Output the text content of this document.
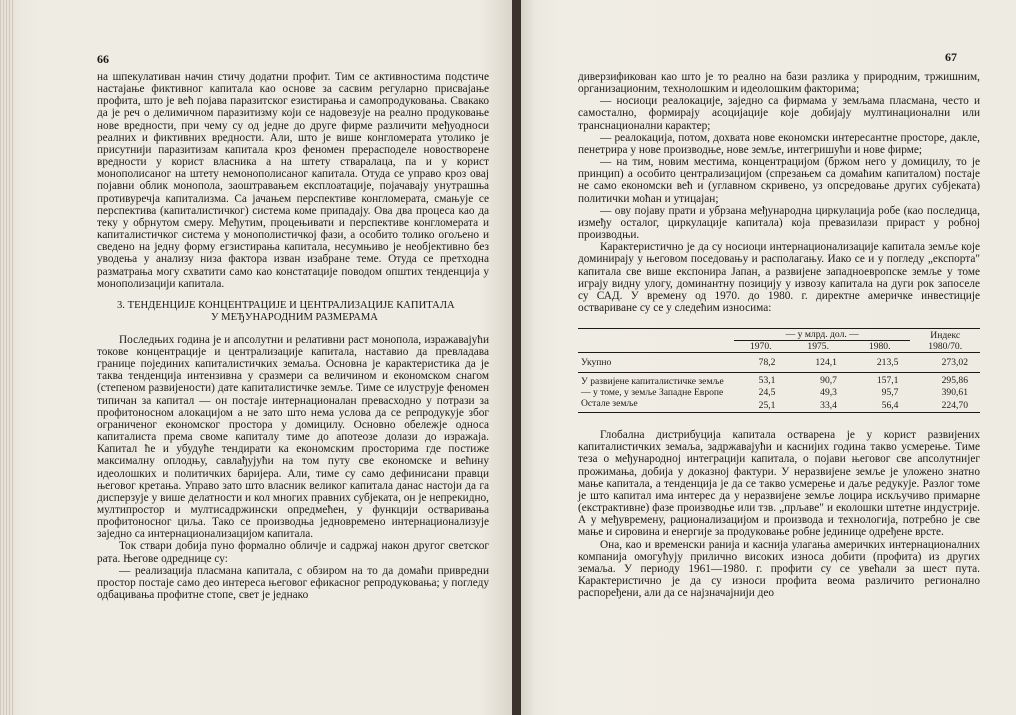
66

на шпекулативан начин стичу додатни профит. Тим се активностима подстиче настајање фиктивног капитала као основе за сасвим регуларно присвајање профита, што је већ појава паразитског езистирања и самопродуковања. Свакако да је реч о делимичном паразитизму који се надовезује на реално продуковање нове вредности, при чему су од једне до друге фирме различити међуодноси реалних и фиктивних вредности. Али, што је више конгломерата утолико је присутнији паразитизам капитала кроз феномен прерасподеле новостворене вредности у корист власника а на штету стваралаца, па и у корист монополисаног на штету немонополисаног капитала. Отуда се управо кроз овај појавни облик монопола, заоштравањем експлоатације, појачавају унутрашња противуречја капитализма. Са јачањем перспективе конгломерата, смањује се перспектива (капиталистичког) система коме припадају. Ова два процеса као да теку у обрнутом смеру. Међутим, процењивати и перспективе конгломерата и капиталистичког система у монополистичкој фази, а особито толико огољено и сведено на једну форму егзистирања капитала, несумњиво је необјективно без уводења у анализу низа фактора изван изабране теме. Отуда се претходна разматрања могу схватити само као констатације поводом општих тенденција у монополизацији капитала.

3. ТЕНДЕНЦИЈЕ КОНЦЕНТРАЦИЈЕ И ЦЕНТРАЛИЗАЦИЈЕ КАПИТАЛА
У МЕЂУНАРОДНИМ РАЗМЕРАМА

Последњих година је и апсолутни и релативни раст монопола, изражавајући токове концентрације и централизације капитала, наставио да превладава границе појединих капиталистичких земаља. Основна је карактеристика да је таква тенденција интензивна у сразмери са величином и економском снагом (степеном развијености) дате капиталистичке земље. Тиме се илуструје феномен типичан за капитал — он постаје интернационалан превасходно у потрази за профитоносном алокацијом а не зато што нема услова да се репродукује због ограниченог економског простора у домицилу. Основно обележје односа капиталиста према своме капиталу тиме до апотеозе долази до изражаја. Капитал ће и убудуће тендирати ка економским просторима где постиже максималну оплодњу, савлађујући на том путу све економске и већину идеолошких и политичких баријера. Али, тиме су само дефинисани правци његовог кретања. Управо зато што власник великог капитала данас настоји да га дисперзује у више делатности и кол многих правних субјеката, он је непрекидно, мултипростор и мултисадржински опредмећен, у функцији остваривања профитоносног циља. Тако се производња једновремено интернационализује заједно са интернационализацијом капитала.

Ток ствари добија пуно формално обличје и садржај након другог светског рата. Његове одреднице су:

— реализација пласмана капитала, с обзиром на то да домаћи привредни простор постаје само део интереса његовог ефикасног репродуковања; у погледу одбацивања профитне стопе, свет је једнако

67

диверзификован као што је то реално на бази разлика у природним, тржишним, организационим, технолошким и идеолошким факторима;

— носиоци реалокације, заједно са фирмама у земљама пласмана, често и самостално, формирају асоцијације које добијају мултинационални или транснационални карактер;

— реалокација, потом, дохвата нове економски интересантне просторе, дакле, пенетрира у нове производње, нове земље, интегришући и нове фирме;

— на тим, новим местима, концентрацијом (бржом него у домицилу, то је принцип) а особито централизацијом (спрезањем са домаћим капиталом) постаје не само економски већ и (углавном скривено, уз опсредовање других субјеката) политички моћан и утицајан;

— ову појаву прати и убрзана међународна циркулација робе (као последица, између осталог, циркулације капитала) која превазилази прираст у робној производњи.

Карактеристично је да су носиоци интернационализације капитала земље које доминирају у његовом поседовању и располагању. Иако се и у погледу „експорта" капитала све више експонира Јапан, а развијене западноевропске земље у томе играју видну улогу, доминантну позицију у извозу капитала на дуги рок запоселе су САД. У времену од 1970. до 1980. г. директне америчке инвестиције оствариване су се у следећим износима:

	— у млрд. дол. —			Индекс
1980/70.
	1970.	1975.	1980.	
Укупно	78,2	124,1	213,5	273,02
У развијене капиталистичке земље	53,1	90,7	157,1	295,86
— у томе, у земље Западне Европе	24,5	49,3	95,7	390,61
Остале земље	25,1	33,4	56,4	224,70

Глобална дистрибуција капитала остварена је у корист развијених капиталистичких земаља, задржавајући и каснијих година такво усмерење. Тиме теза о међународној интеграцији капитала, о појави његовог све апсолутнијег прожимања, добија у доказној фактури. У неразвијене земље је уложено знатно мање капитала, а тенденција је да се такво усмерење и даље редукује. Разлог томе је што капитал има интерес да у неразвијене земље лоцира искључиво примарне (екстрактивне) фазе производње или тзв. „прљаве" и еколошки штетне индустрије. А у међувремену, рационализацијом и производа и технологија, потребно је све мање и сировина и енергије за продуковање робне јединице одређене врсте.

Она, као и временски ранија и каснија улагања америчких интернационалних компанија омогућују прилично високих износа добити (профита) из других земаља. У периоду 1961—1980. г. профити су се увећали за шест пута. Карактеристично је да су износи профита веома различито регионално распоређени, али да се најзначајнији део
